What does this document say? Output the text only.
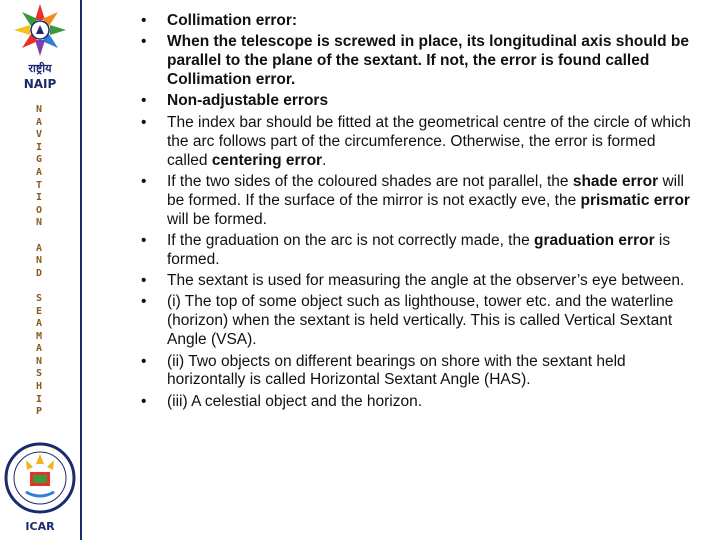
राष्ट्रीय
NAIP
N
A
V
I
G
A
T
I
O
N
A
N
D
S
E
A
M
A
N
S
H
I
P
ICAR
• Collimation error:
• When the telescope is screwed in place, its longitudinal axis should be parallel to the plane of the sextant. If not, the error is found called Collimation error.
• Non-adjustable errors
• The index bar should be fitted at the geometrical centre of the circle of which the arc follows part of the circumference. Otherwise, the error is formed called centering error.
• If the two sides of the coloured shades are not parallel, the shade error will be formed. If the surface of the mirror is not exactly eve, the prismatic error will be formed.
• If the graduation on the arc is not correctly made, the graduation error is formed.
• The sextant is used for measuring the angle at the observer’s eye between.
• (i) The top of some object such as lighthouse, tower etc. and the waterline (horizon) when the sextant is held vertically. This is called Vertical Sextant Angle (VSA).
• (ii) Two objects on different bearings on shore with the sextant held horizontally is called Horizontal Sextant Angle (HAS).
• (iii) A celestial object and the horizon.
